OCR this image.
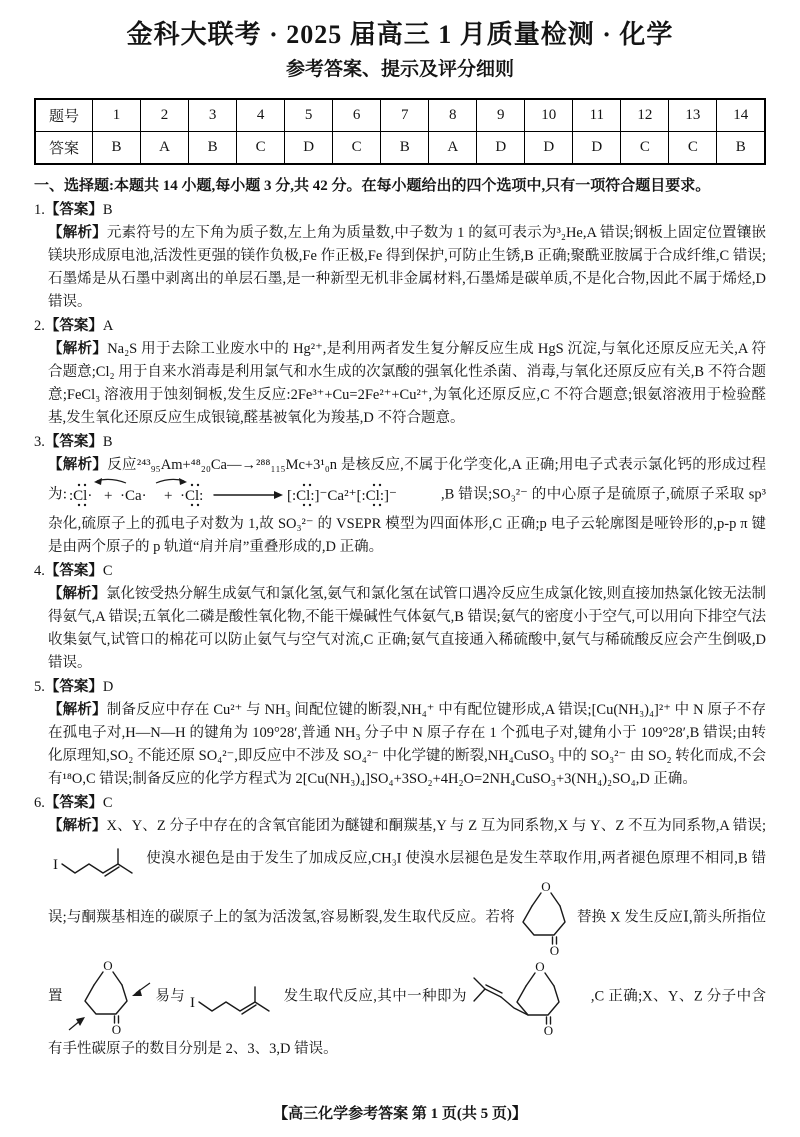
金科大联考 · 2025 届高三 1 月质量检测 · 化学
参考答案、提示及评分细则
题号	1	2	3	4	5	6	7	8	9	10	11	12	13	14
答案	B	A	B	C	D	C	B	A	D	D	D	C	C	B
一、选择题:本题共 14 小题,每小题 3 分,共 42 分。在每小题给出的四个选项中,只有一项符合题目要求。
1.【答案】B
【解析】元素符号的左下角为质子数,左上角为质量数,中子数为 1 的氦可表示为³₂He,A 错误;钢板上固定位置镶嵌镁块形成原电池,活泼性更强的镁作负极,Fe 作正极,Fe 得到保护,可防止生锈,B 正确;聚酰亚胺属于合成纤维,C 错误;石墨烯是从石墨中剥离出的单层石墨,是一种新型无机非金属材料,石墨烯是碳单质,不是化合物,因此不属于烯烃,D 错误。
2.【答案】A
【解析】Na₂S 用于去除工业废水中的 Hg²⁺,是利用两者发生复分解反应生成 HgS 沉淀,与氧化还原反应无关,A 符合题意;Cl₂ 用于自来水消毒是利用氯气和水生成的次氯酸的强氧化性杀菌、消毒,与氧化还原反应有关,B 不符合题意;FeCl₃ 溶液用于蚀刻铜板,发生反应:2Fe³⁺+Cu=2Fe²⁺+Cu²⁺,为氧化还原反应,C 不符合题意;银氨溶液用于检验醛基,发生氧化还原反应生成银镜,醛基被氧化为羧基,D 不符合题意。
3.【答案】B
【解析】反应²⁴³₉₅Am+⁴⁸₂₀Ca―→²⁸⁸₁₁₅Mc+3¹₀n 是核反应,不属于化学变化,A 正确;用电子式表示氯化钙的形成过程为: :Cl· + ·Ca· + ·Cl:	[:Cl:]⁻Ca²⁺[:Cl:]⁻	,B 错误;SO₃²⁻ 的中心原子是硫原子,硫原子采取 sp³ 杂化,硫原子上的孤电子对数为 1,故 SO₃²⁻ 的 VSEPR 模型为四面体形,C 正确;p 电子云轮廓图是哑铃形的,p-p π 键是由两个原子的 p 轨道“肩并肩”重叠形成的,D 正确。
4.【答案】C
【解析】氯化铵受热分解生成氨气和氯化氢,氨气和氯化氢在试管口遇冷反应生成氯化铵,则直接加热氯化铵无法制得氨气,A 错误;五氧化二磷是酸性氧化物,不能干燥碱性气体氨气,B 错误;氨气的密度小于空气,可以用向下排空气法收集氨气,试管口的棉花可以防止氨气与空气对流,C 正确;氨气直接通入稀硫酸中,氨气与稀硫酸反应会产生倒吸,D 错误。
5.【答案】D
【解析】制备反应中存在 Cu²⁺ 与 NH₃ 间配位键的断裂,NH₄⁺ 中有配位键形成,A 错误;[Cu(NH₃)₄]²⁺ 中 N 原子不存在孤电子对,H—N—H 的键角为 109°28′,普通 NH₃ 分子中 N 原子存在 1 个孤电子对,键角小于 109°28′,B 错误;由转化原理知,SO₂ 不能还原 SO₄²⁻,即反应中不涉及 SO₄²⁻ 中化学键的断裂,NH₄CuSO₃ 中的 SO₃²⁻ 由 SO₂ 转化而成,不会有¹⁸O,C 错误;制备反应的化学方程式为 2[Cu(NH₃)₄]SO₄+3SO₂+4H₂O=2NH₄CuSO₃+3(NH₄)₂SO₄,D 正确。
6.【答案】C
【解析】X、Y、Z 分子中存在的含氧官能团为醚键和酮羰基,Y 与 Z 互为同系物,X 与 Y、Z 不互为同系物,A 错误;
I	使溴水褪色是由于发生了加成反应,CH₃I 使溴水层褪色是发生萃取作用,两者褪色原理不相同,B 错误;与酮羰基相连的碳原子上的氢为活泼氢,容易断裂,发生取代反应。若将
O
O
替换 X 发生反应Ⅰ,箭头所指位置
O
O
易与 I	发生取代反应,其中一种即为
O
O
,C 正确;X、Y、Z 分子中含有手性碳原子的数目分别是 2、3、3,D 错误。
【高三化学参考答案 第 1 页(共 5 页)】
